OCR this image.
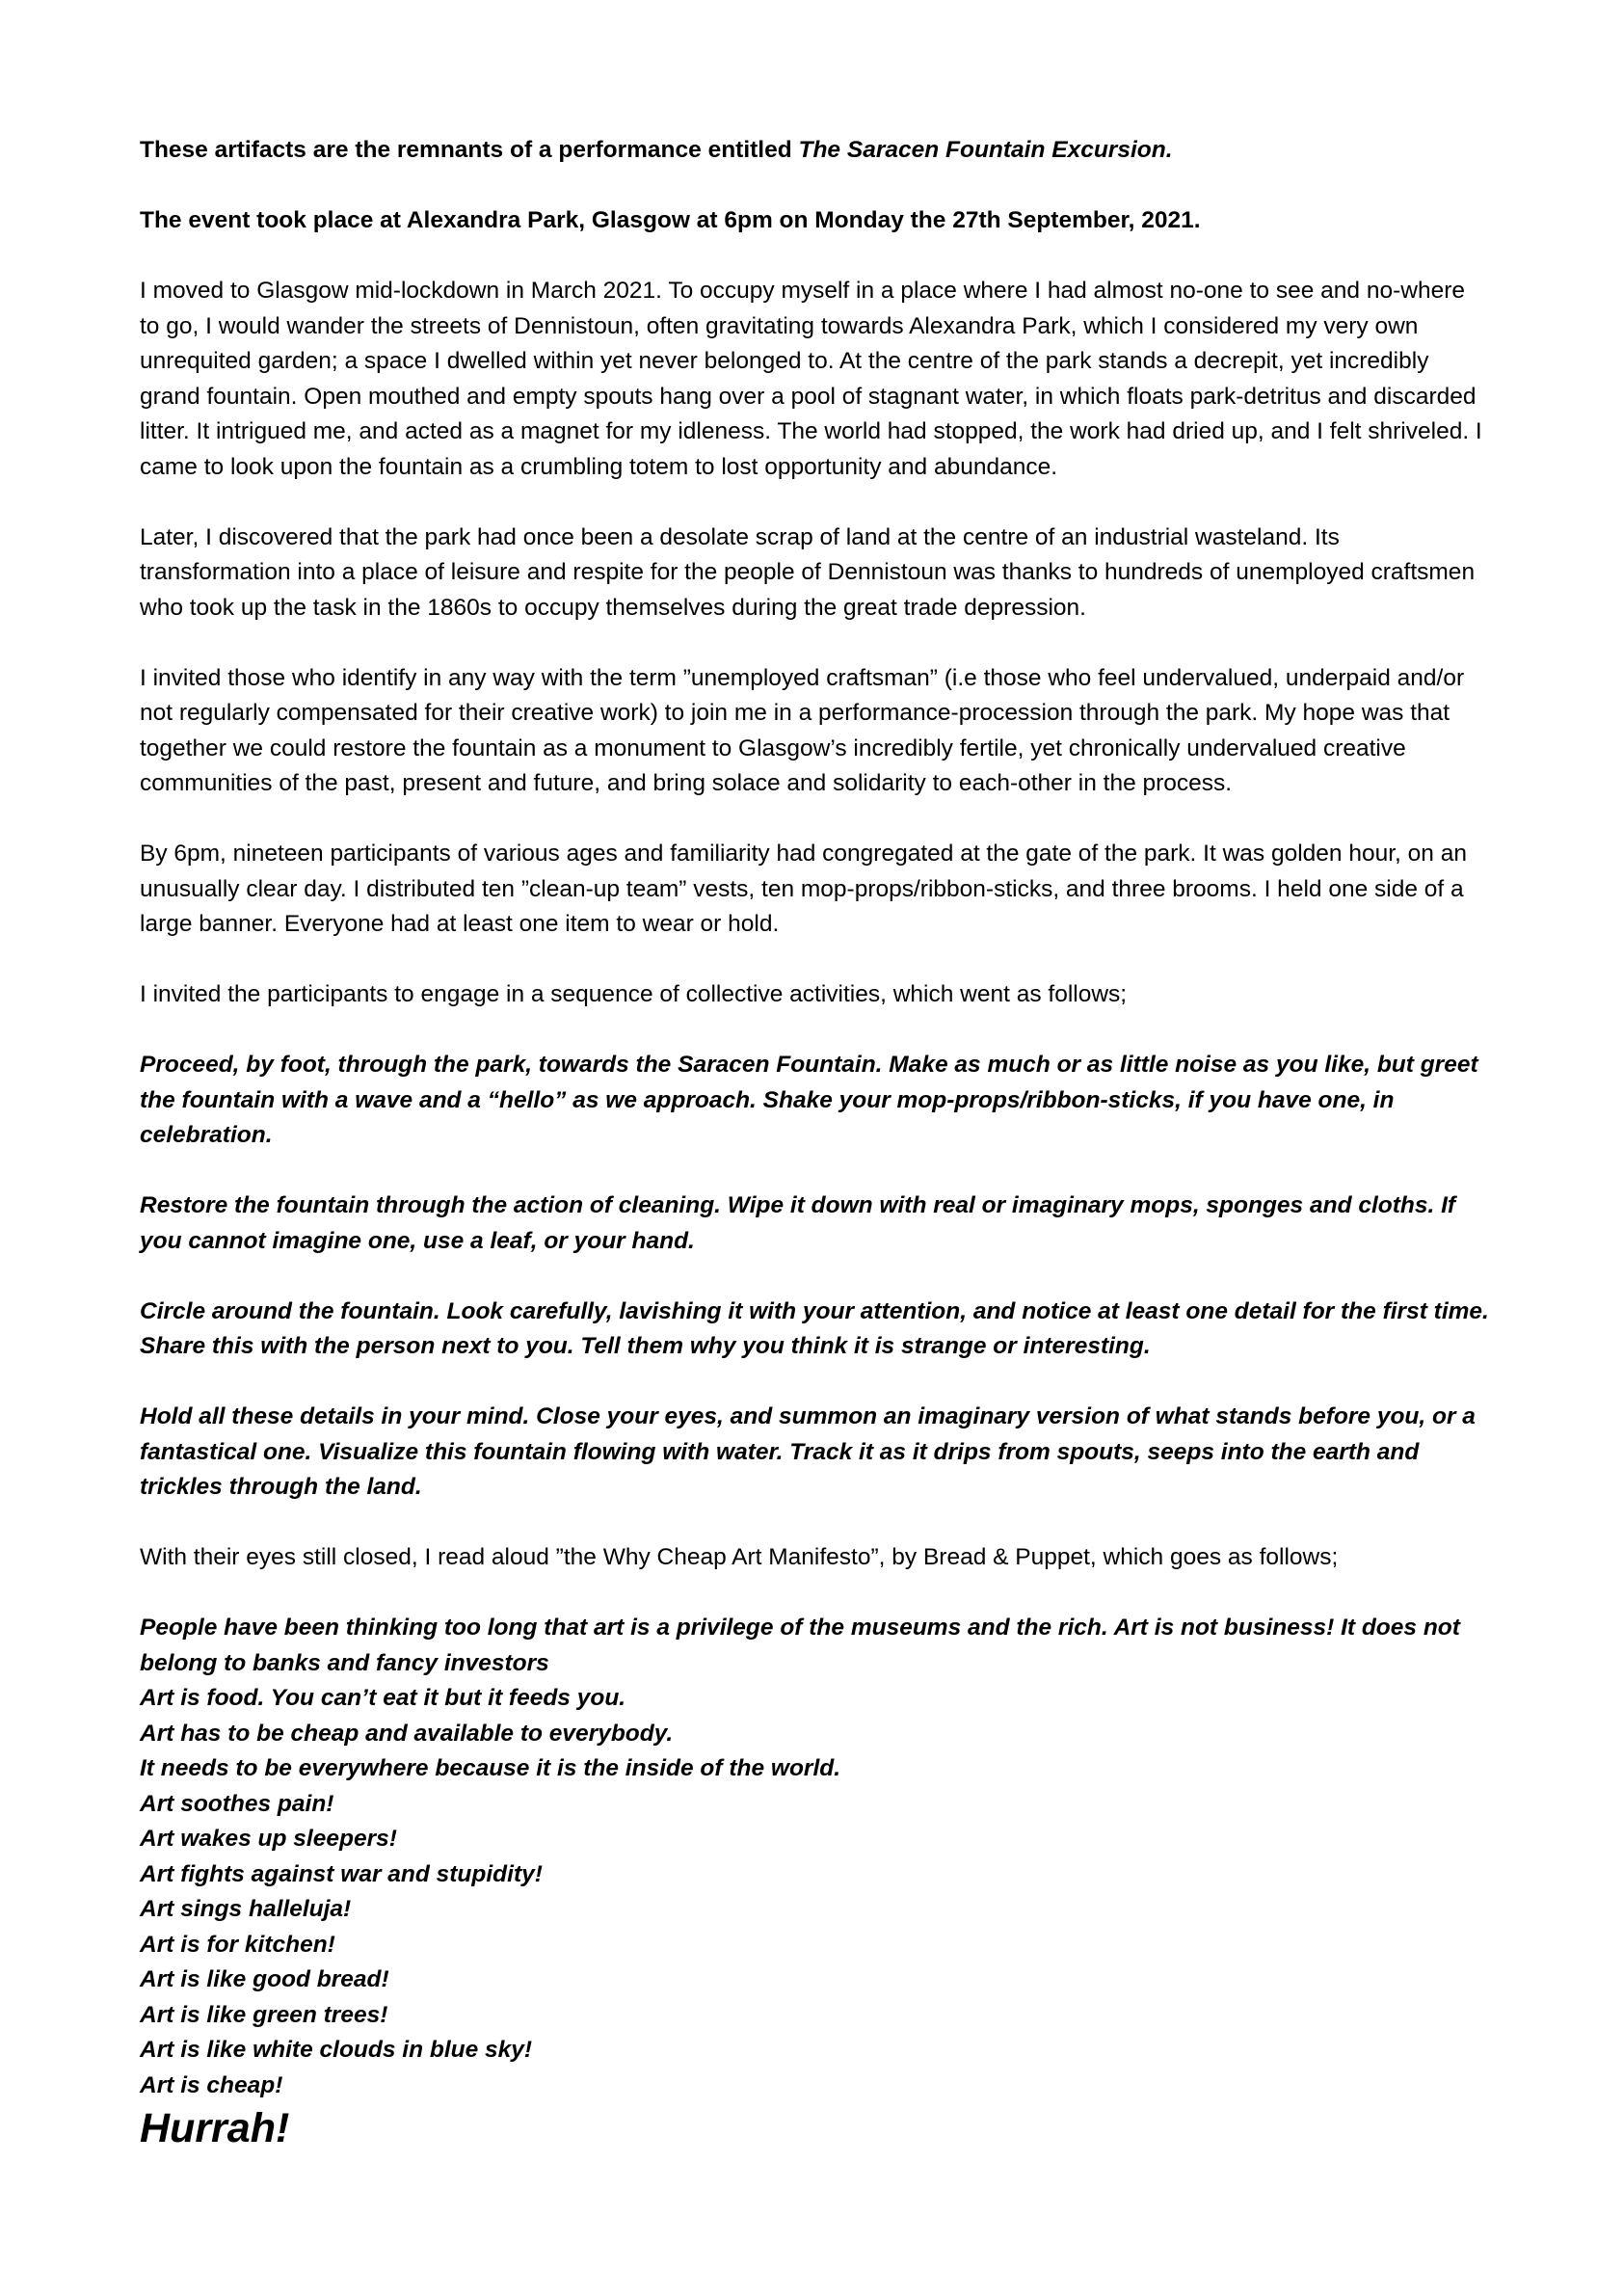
These artifacts are the remnants of a performance entitled The Saracen Fountain Excursion.

The event took place at Alexandra Park, Glasgow at 6pm on Monday the 27th September, 2021.

I moved to Glasgow mid-lockdown in March 2021. To occupy myself in a place where I had almost no-one to see and no-where to go, I would wander the streets of Dennistoun, often gravitating towards Alexandra Park, which I considered my very own unrequited garden; a space I dwelled within yet never belonged to. At the centre of the park stands a decrepit, yet incredibly grand fountain. Open mouthed and empty spouts hang over a pool of stagnant water, in which floats park-detritus and discarded litter. It intrigued me, and acted as a magnet for my idleness. The world had stopped, the work had dried up, and I felt shriveled. I came to look upon the fountain as a crumbling totem to lost opportunity and abundance.

Later, I discovered that the park had once been a desolate scrap of land at the centre of an industrial wasteland. Its transformation into a place of leisure and respite for the people of Dennistoun was thanks to hundreds of unemployed craftsmen who took up the task in the 1860s to occupy themselves during the great trade depression.

I invited those who identify in any way with the term ”unemployed craftsman” (i.e those who feel undervalued, underpaid and/or not regularly compensated for their creative work) to join me in a performance-procession through the park. My hope was that together we could restore the fountain as a monument to Glasgow’s incredibly fertile, yet chronically undervalued creative communities of the past, present and future, and bring solace and solidarity to each-other in the process.

By 6pm, nineteen participants of various ages and familiarity had congregated at the gate of the park. It was golden hour, on an unusually clear day. I distributed ten ”clean-up team” vests, ten mop-props/ribbon-sticks, and three brooms. I held one side of a large banner. Everyone had at least one item to wear or hold.

I invited the participants to engage in a sequence of collective activities, which went as follows;

Proceed, by foot, through the park, towards the Saracen Fountain. Make as much or as little noise as you like, but greet the fountain with a wave and a “hello” as we approach. Shake your mop-props/ribbon-sticks, if you have one, in celebration.

Restore the fountain through the action of cleaning. Wipe it down with real or imaginary mops, sponges and cloths. If you cannot imagine one, use a leaf, or your hand.

Circle around the fountain. Look carefully, lavishing it with your attention, and notice at least one detail for the first time. Share this with the person next to you. Tell them why you think it is strange or interesting.

Hold all these details in your mind. Close your eyes, and summon an imaginary version of what stands before you, or a fantastical one. Visualize this fountain flowing with water. Track it as it drips from spouts, seeps into the earth and trickles through the land.

With their eyes still closed, I read aloud ”the Why Cheap Art Manifesto”, by Bread & Puppet, which goes as follows;

People have been thinking too long that art is a privilege of the museums and the rich. Art is not business! It does not belong to banks and fancy investors

Art is food. You can’t eat it but it feeds you.

Art has to be cheap and available to everybody.

It needs to be everywhere because it is the inside of the world.

Art soothes pain!

Art wakes up sleepers!

Art fights against war and stupidity!

Art sings halleluja!

Art is for kitchen!

Art is like good bread!

Art is like green trees!

Art is like white clouds in blue sky!

Art is cheap!

Hurrah!
